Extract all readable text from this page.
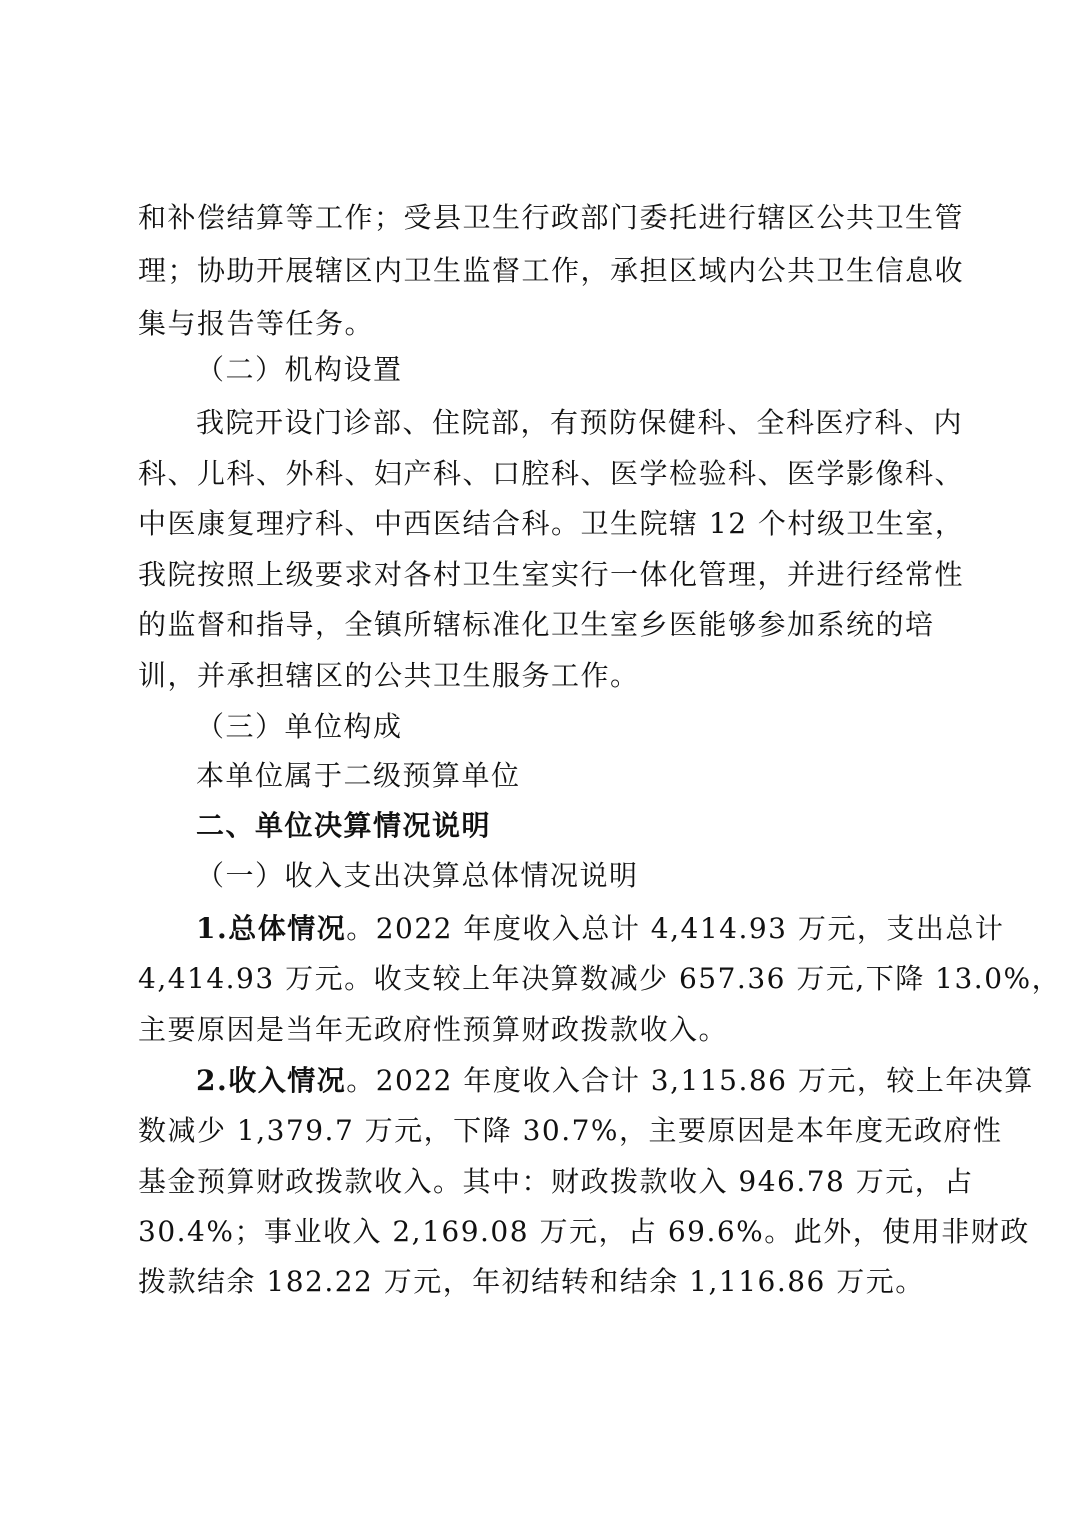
和补偿结算等工作；受县卫生行政部门委托进行辖区公共卫生管
理；协助开展辖区内卫生监督工作，承担区域内公共卫生信息收
集与报告等任务。
（二）机构设置
我院开设门诊部、住院部，有预防保健科、全科医疗科、内
科、儿科、外科、妇产科、口腔科、医学检验科、医学影像科、
中医康复理疗科、中西医结合科。卫生院辖 12 个村级卫生室，
我院按照上级要求对各村卫生室实行一体化管理，并进行经常性
的监督和指导，全镇所辖标准化卫生室乡医能够参加系统的培
训，并承担辖区的公共卫生服务工作。
（三）单位构成
本单位属于二级预算单位
二、单位决算情况说明
（一）收入支出决算总体情况说明
1.总体情况。2022 年度收入总计 4,414.93 万元，支出总计
4,414.93 万元。收支较上年决算数减少 657.36 万元,下降 13.0%，
主要原因是当年无政府性预算财政拨款收入。
2.收入情况。2022 年度收入合计 3,115.86 万元，较上年决算
数减少 1,379.7 万元，下降 30.7%，主要原因是本年度无政府性
基金预算财政拨款收入。其中：财政拨款收入 946.78 万元，占
30.4%；事业收入 2,169.08 万元，占 69.6%。此外，使用非财政
拨款结余 182.22 万元，年初结转和结余 1,116.86 万元。
